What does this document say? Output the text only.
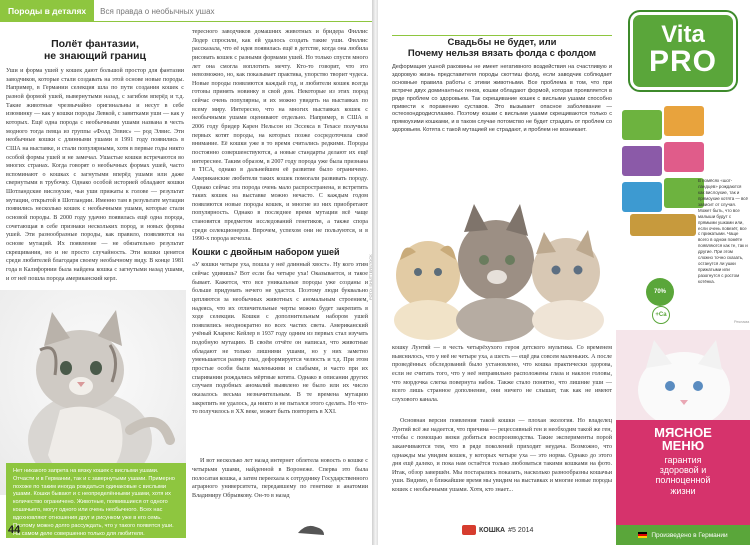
Породы в деталях	Вся правда о необычных ушах
Полёт фантазии,
не знающий границ
Уши и форма ушей у кошек дают большой простор для фантазии заводчиков, которые стали создавать на этой основе новые породы. Например, в Германии селекция шла по пути создания кошек с разной формой ушей, вывернутыми назад, с загибом вперёд и т.д. Такие животные чрезвычайно оригинальны и несут в себе изюминку — как у кошки породы Левкой, с завитками уши — как у которых. Ещё одна порода с необычными ушами названа в честь модного тогда певца из группы «Фолд Элвис» — род Элвис. Эти необычные кошки с длинными ушами в 1991 году появились в США на выставке, и стали популярными, хотя в первые годы никто особой формы ушей и не замечал. Ушастые кошки встречаются во многих странах. Когда говорят о необычных формах ушей, часто вспоминают о кошках с загнутыми вперёд ушами или даже свернутыми в трубочку. Однако особой историей обладают кошки Шотландские вислоухие, чьи уши прижаты к голове — результат мутации, открытой в Шотландии. Именно там в результате мутации появились несколько кошек с необычными ушами, которые стали основой породы. В 2000 году удачно появилась ещё одна порода, сочетающая в себе признаки нескольких пород, и новых формы ушей. Эти разнообразные породы, как правило, появляются на основе мутаций. Их появление — не обязательно результат скрещивания, но и не просто случайность. Эти кошки ценятся среди любителей благодаря своему необычному виду. В конце 1981 года в Калифорнии была найдена кошка с загнутыми назад ушами, и от неё пошла порода американский керл.
тересного заводчиков домашних животных и бридера Филлис Лодер спросили, как ей удалось создать такие уши. Филлис рассказала, что её идея появилась ещё в детстве, когда она любила рисовать кошек с разными формами ушей. Но только спустя много лет она смогла воплотить мечту. Кто-то говорит, что это невозможно, но, как показывает практика, упорство творит чудеса. Новые породы появляются каждый год, и любители кошек всегда готовы принять новинку в свой дом. Некоторые из этих пород сейчас очень популярны, и их можно увидеть на выставках по всему миру. Интересно, что на многих выставках кошек с необычными ушами оценивают отдельно. Например, в США в 2006 году бридер Карен Нельсон из Эссекса в Техасе получила первых котят породы, на которых позже сосредоточила своё внимание. Её кошки уже в то время считались редкими. Породы постоянно совершенствуются, а новые стандарты делают их ещё интереснее. Таким образом, в 2007 году порода уже была признана в TICA, однако в дальнейшем её развитие было ограничено. Американские любители таких кошек помогали развивать породу. Однако сейчас эта порода очень мало распространена, и встретить таких кошек на выставке можно нечасто. С каждым годом появляются новые породы кошек, и многие из них приобретают популярность. Однако в последнее время мутации всё чаще становятся предметом исследований генетиков, а также спора среди селекционеров. Впрочем, успехом они не пользуются, и в 1990-х порода исчезла.
Кошки с двойным набором ушей
«У кошки четыре уха, пошла у неё длинный хвост». Ну кого этим сейчас удивишь? Вот если бы четыре уха! Оказывается, и такое бывает. Кажется, что все уникальные породы уже созданы и больше придумать нечего не удастся. Поэтому люди буквально цепляются за необычных животных с аномальным строением, надеясь, что их отличительные черты можно будет закрепить в ходе селекции. Кошки с дополнительным набором ушей появлялись неоднократно во всех частях света. Американский учёный Кларенс Кейлер в 1937 году одним из первых стал изучать подобную мутацию. В своём отчёте он написал, что животные обладают не только лишними ушами, но у них заметно уменьшается размер глаз, деформируется челюсть и т.д. При этом простые особи были маленькими и слабыми, и часто при их спаривании рождались мёртвые котята. Однако в описании других случаев подобных аномалий выявлено не было или их число оказалось весьма незначительным. В те времена мутацию закрепить не удалось, да никто и не пытался этого сделать. Но что-то получилось в XX веке, может быть повторить в XXI.
И вот несколько лет назад интернет облетела новость о кошке с четырьмя ушами, найденной в Воронеже. Сперва это была полосатая кошка, а затем переехала к сотруднику Государственного аграрного университета, передавшему по генетике и анатомии Владимиру Обрывкову. Он-то в назад
Нет никакого запрета на вязку кошек с вислыми ушами. Отчасти и в Германии, так и с завернутыми ушами. Примерно похоже по таким иногда рождаться одинаковые с вислыми ушами. Кошки бывают и с неопределёнными ушами, хотя их количество ограничено. Животные, появившиеся от одного кошачьего, могут одного или очень необычного. Всех нас вдохновляют отношения друг и рисунком уже в его семь. Поэтому можно долго рассуждать, что у такого появятся уши. На самом деле совершенно только для любителя.
44
Свадьбы не будет, или
Почему нельзя вязать фолда с фолдом
Деформация ушной раковины не имеет негативного воздействия на счастливую и здоровую жизнь представителя породы скоттиш фолд, если заводчик соблюдает основные правила работы с этими животными. Все проблема в том, что при встрече двух доминантных генов, кошки обладают формой, которая проявляется в ряде проблем со здоровьем. Так скрещивание кошек с вислыми ушами способно привести к поражению суставов. Это вызывает опасное заболевание — остеохондродисплазию. Поэтому кошки с вислыми ушами скрещиваются только с прямоухими кошками, и в таком случае потомство не будет страдать от проблем со здоровьем. Котята с такой мутацией не страдают, и проблем не возникает.
FOTO: SHUTTERSTOCK
кошку Лунтяй — в честь четырёхухого героя детского мультика. Со временем выяснилось, что у неё не четыре уха, а шесть — ещё два совсем маленьких. А после проведённых обследований было установлено, что кошка практически здорова, если не считать того, что у неё неправильно расположены глаза и наклон головы, что мордочка слегка повернута набок. Также стало понятно, что лишние уши — всего лишь странное дополнение, они ничего не слышат, так как не имеют слухового канала.
Основная версия появления такой кошки — плохая экология. Но владелец Лунтяй всё же надеется, что причина — рецессивный ген и необходим такой же ген, чтобы с помощью вязки добиться воспроизводства. Такие эксперименты порой заканчиваются тем, что в ряде поколений приходит неудача. Возможно, что однажды мы увидим кошек, у которых четыре уха — это норма. Однако до этого дня ещё далеко, и пока нам остаётся только любоваться такими кошками на фото. Итак, обзор завершён. Мы постарались показать, насколько разнообразны кошачьи уши. Видимо, в ближайшие время мы увидим на выставках и многие новые породы кошек с необычными ушами. Хотя, кто знает...
КОШКА #5 2014
Vita
PRO
В помёсях «шот-ландцев» рождаются как вислоухие, так и прямоухие котята — всё зависит от случая. Может быть, что все малыши будут с прямыми ушками или, если очень повезёт, все с прижатыми. Чаще всего в одном помёте появляются как те, так и другие. При этом сложно точно сказать, останутся ли ушки прижатыми или разогнутся с ростом котёнка.
70%
+Ca
МЯСНОЕ
МЕНЮ
гарантия
здоровой и
полноценной
жизни
Произведено в Германии
Реклама
